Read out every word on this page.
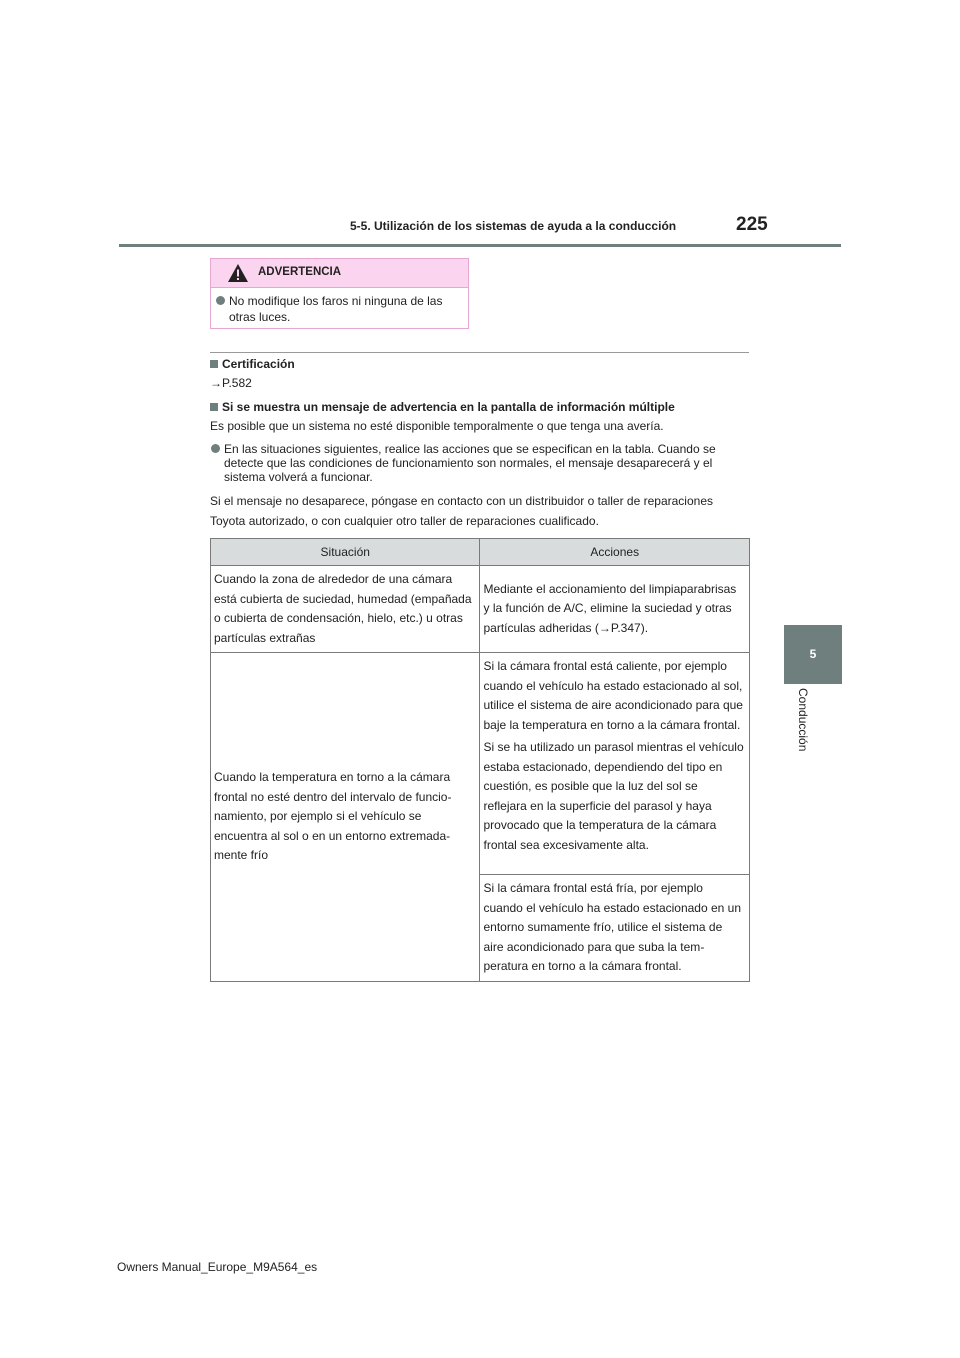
5-5. Utilización de los sistemas de ayuda a la conducción	225
5
Conducción
ADVERTENCIA
No modifique los faros ni ninguna de las otras luces.
Certificación
→P.582
Si se muestra un mensaje de advertencia en la pantalla de información múltiple
Es posible que un sistema no esté disponible temporalmente o que tenga una avería.
En las situaciones siguientes, realice las acciones que se especifican en la tabla. Cuando se detecte que las condiciones de funcionamiento son normales, el mensaje desaparecerá y el sistema volverá a funcionar.
Si el mensaje no desaparece, póngase en contacto con un distribuidor o taller de reparaciones
Toyota autorizado, o con cualquier otro taller de reparaciones cualificado.
Situación	Acciones
Cuando la zona de alrededor de una cámara está cubierta de suciedad, humedad (empañada o cubierta de condensación, hielo, etc.) u otras partículas extrañas	Mediante el accionamiento del limpiaparabrisas y la función de A/C, elimine la suciedad y otras partículas adheridas (→P.347).
Cuando la temperatura en torno a la cámara frontal no esté dentro del intervalo de funcionamiento, por ejemplo si el vehículo se encuentra al sol o en un entorno extremadamente frío	Si la cámara frontal está caliente, por ejemplo cuando el vehículo ha estado estacionado al sol, utilice el sistema de aire acondicionado para que baje la temperatura en torno a la cámara frontal.

Si se ha utilizado un parasol mientras el vehículo estaba estacionado, dependiendo del tipo en cuestión, es posible que la luz del sol se reflejara en la superficie del parasol y haya provocado que la temperatura de la cámara frontal sea excesivamente alta.

	Si la cámara frontal está fría, por ejemplo cuando el vehículo ha estado estacionado en un entorno sumamente frío, utilice el sistema de aire acondicionado para que suba la temperatura en torno a la cámara frontal.
Owners Manual_Europe_M9A564_es
